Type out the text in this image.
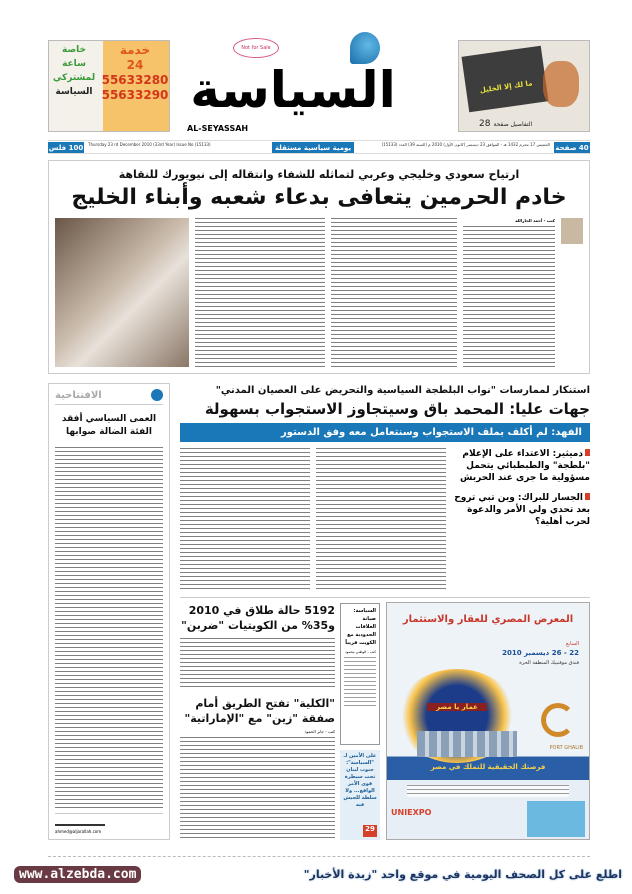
خدمة
24
55633280
55633290
خاصة
ساعة
لمشتركي
السياسة
Not for Sale
السياسة
AL-SEYASSAH
ما لك إلا الخليل
التفاصيل صفحة
28
40 صفحة
الخميس 17 محرم 1432 هـ - الموافق 23 ديسمبر (كانون الأول) 2010 م (السنة 39) العدد (15133)
يومية سياسية مستقلة
Thursday 23 rd December 2010 (33rd Year) Issue No (15133)
100 فلس
ارتياح سعودي وخليجي وعربي لتماثله للشفاء وانتقاله إلى نيويورك للنقاهة
خادم الحرمين يتعافى بدعاء شعبه وأبناء الخليج
كتب - أحمد الجارالله
الافتتاحية
العمى السياسي أفقد الفئة الضالة صوابها
ahmed@aljarallah.com
استنكار لممارسات "نواب البلطجة السياسية والتحريض على العصيان المدني"
جهات عليا: المحمد باق وسيتجاوز الاستجواب بسهولة
الفهد: لم أكلف بملف الاستجواب وسنتعامل معه وفق الدستور
دميثير: الاعتداء على الإعلام "بلطجة" والطبطبائي يتحمل مسؤولية ما جرى عند الحربش
الجسار للبراك: وين تبي تروح بعد تحدي ولي الأمر والدعوة لحرب أهلية؟
5192 حالة طلاق في 2010 و35% من الكويتيات "ضربن"
"الكلية" تفتح الطريق أمام صفقة "زين" مع "الإماراتية"
كتب - جابر الحمود
السياسة: صيانة العلاقات الحدودية مع الكويت قريباً
كتب - الوطني محمود
على الأمين لـ "السياسة": جنوب لبنان تحت سيطرة قوى الأمر الواقع... ولا سلطة للجيش فيه
29
المعرض المصري للعقار والاستثمار
السابع
22 - 26 ديسمبر 2010
فندق موفنبيك المنطقة الحرة
عمار يا مصر
PORT GHALIB
فرصتك الحقيقية للتملك في مصر
UNIEXPO
اطلع على كل الصحف اليومية في موقع واحد "زبدة الأخبار"
www.alzebda.com
